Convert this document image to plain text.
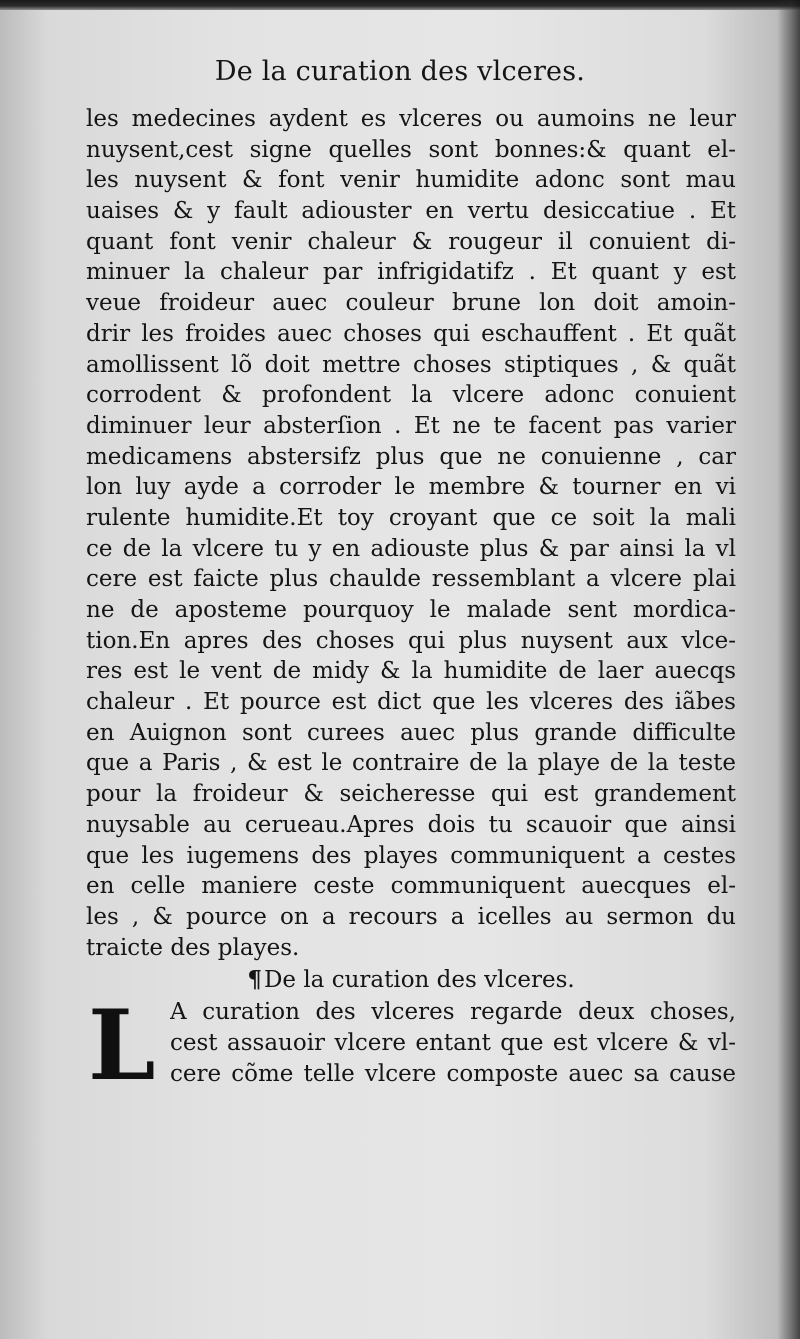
De la curation des vlceres.
les medecines aydent es vlceres ou aumoins ne leur
nuysent,cest signe quelles sont bonnes:& quant el-
les nuysent & font venir humidite adonc sont mau
uaises & y fault adiouster en vertu desiccatiue . Et
quant font venir chaleur & rougeur il conuient di-
minuer la chaleur par infrigidatifz . Et quant y est
veue froideur auec couleur brune lon doit amoin-
drir les froides auec choses qui eschauffent . Et quãt
amollissent lõ doit mettre choses stiptiques , & quãt
corrodent & profondent la vlcere adonc conuient
diminuer leur absterſion . Et ne te facent pas varier
medicamens abstersifz plus que ne conuienne , car
lon luy ayde a corroder le membre & tourner en vi
rulente humidite.Et toy croyant que ce soit la mali
ce de la vlcere tu y en adiouste plus & par ainsi la vl
cere est faicte plus chaulde ressemblant a vlcere plai
ne de aposteme pourquoy le malade sent mordica-
tion.En apres des choses qui plus nuysent aux vlce-
res est le vent de midy & la humidite de laer auecqs
chaleur . Et pource est dict que les vlceres des iãbes
en Auignon sont curees auec plus grande difficulte
que a Paris , & est le contraire de la playe de la teste
pour la froideur & seicheresse qui est grandement
nuysable au cerueau.Apres dois tu scauoir que ainsi
que les iugemens des playes communiquent a cestes
en celle maniere ceste communiquent auecques el-
les , & pource on a recours a icelles au sermon du
traicte des playes.
¶De la curation des vlceres.
L A curation des vlceres regarde deux choses,
cest assauoir vlcere entant que est vlcere & vl-
cere cõme telle vlcere composte auec sa cause
